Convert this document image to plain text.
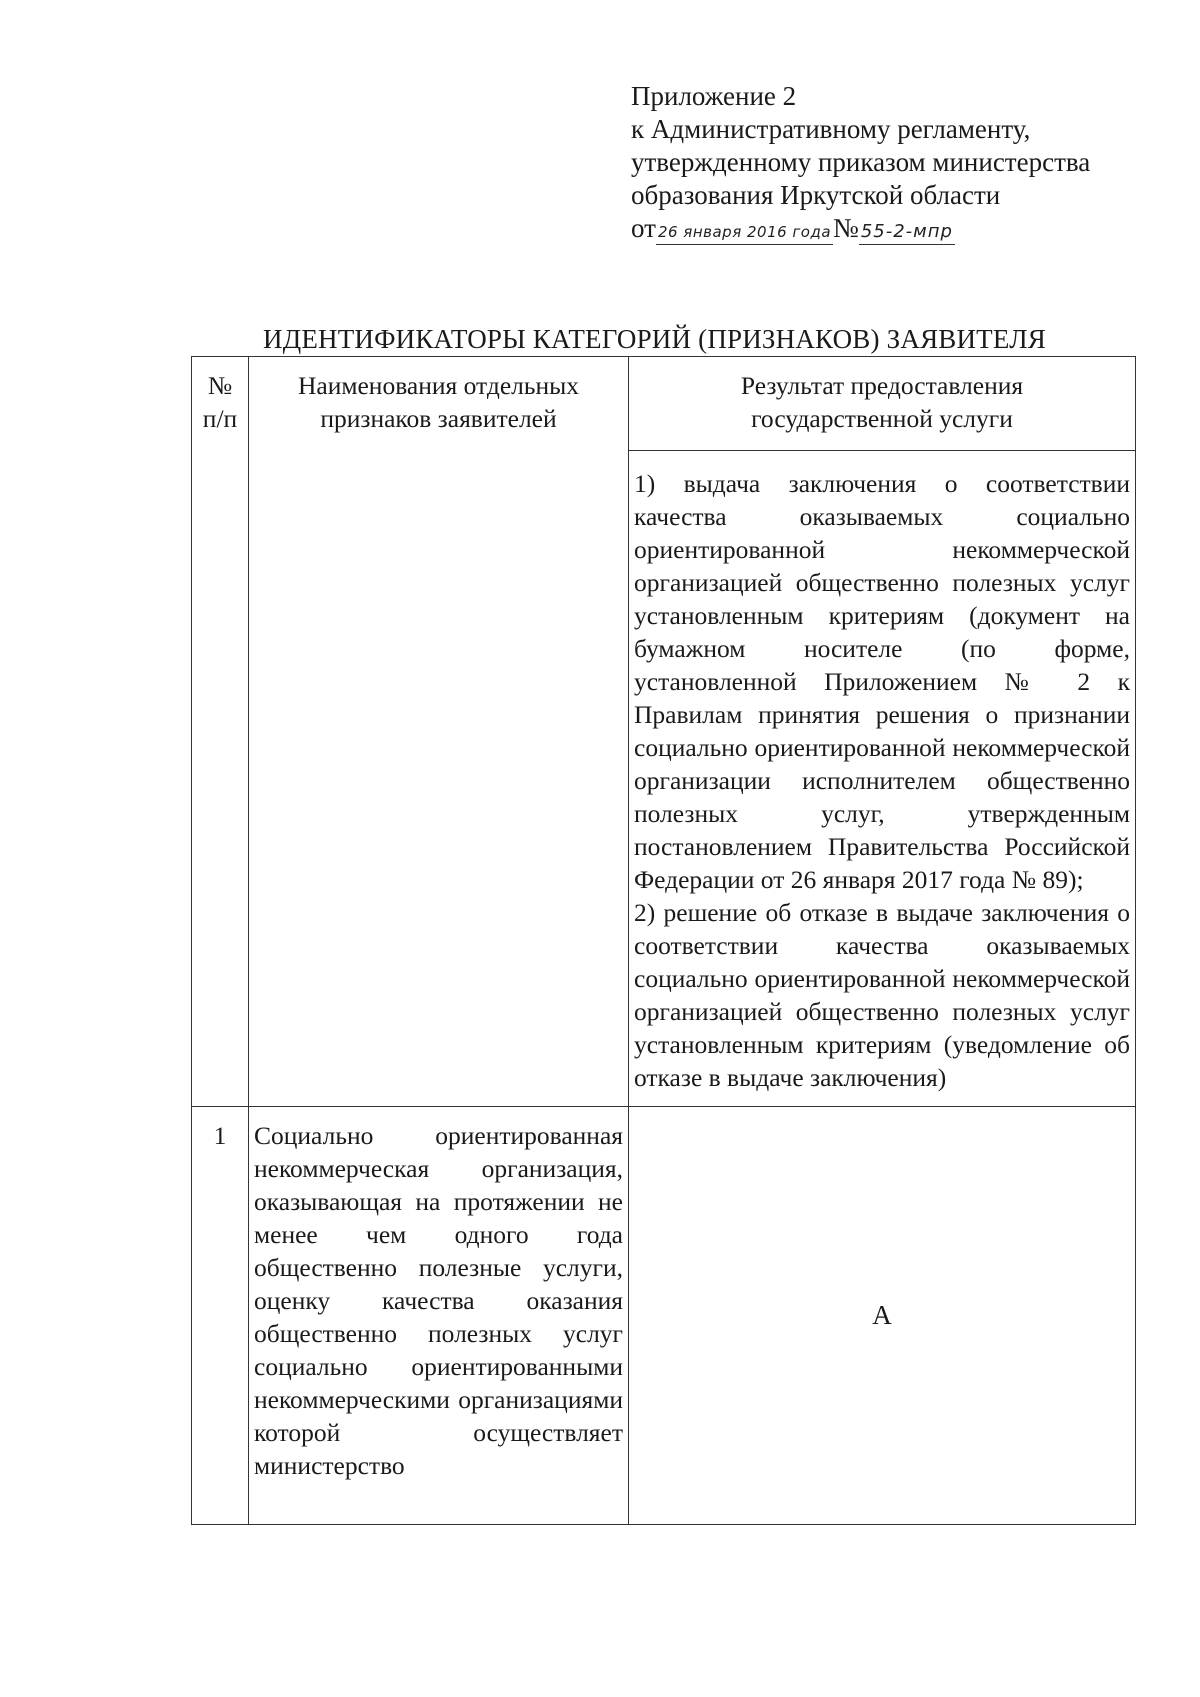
Приложение 2
к Административному регламенту,
утвержденному приказом министерства
образования Иркутской области
от 26 января 2016 года№ 55-2-мпр
ИДЕНТИФИКАТОРЫ КАТЕГОРИЙ (ПРИЗНАКОВ) ЗАЯВИТЕЛЯ
№ п/п	Наименования отдельных признаков заявителей	Результат предоставления государственной услуги

		1) выдача заключения о соответствии качества оказываемых социально ориентированной некоммерческой организацией общественно полезных услуг установленным критериям (документ на бумажном носителе (по форме, установленной Приложением № 2 к Правилам принятия решения о признании социально ориентированной некоммерческой организации исполнителем общественно полезных услуг, утвержденным постановлением Правительства Российской Федерации от 26 января 2017 года № 89);
2) решение об отказе в выдаче заключения о соответствии качества оказываемых социально ориентированной некоммерческой организацией общественно полезных услуг установленным критериям (уведомление об отказе в выдаче заключения)

1	Социально ориентированная некоммерческая организация, оказывающая на протяжении не менее чем одного года общественно полезные услуги, оценку качества оказания общественно полезных услуг социально ориентированными некоммерческими организациями которой осуществляет министерство	А
